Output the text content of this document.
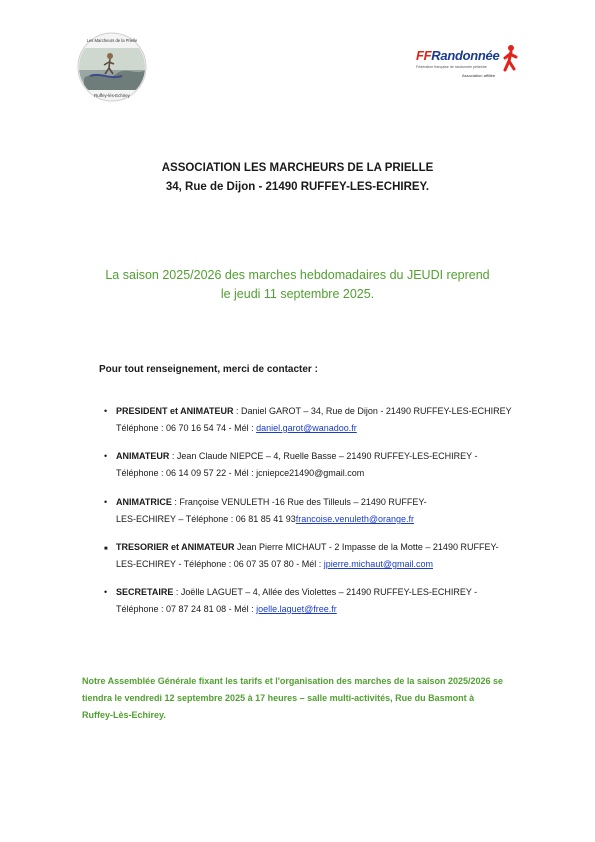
Les Marcheurs de la Prielle
Ruffey-lès-Echirey
FFRandonnée
Fédération française de randonnée pédestre
Association affiliée
ASSOCIATION LES MARCHEURS DE LA PRIELLE
34, Rue de Dijon - 21490 RUFFEY-LES-ECHIREY.
La saison 2025/2026 des marches hebdomadaires du JEUDI reprend
le jeudi 11 septembre 2025.
Pour tout renseignement, merci de contacter :
• PRESIDENT et ANIMATEUR : Daniel GAROT – 34, Rue de Dijon - 21490 RUFFEY-LES-ECHIREY
Téléphone : 06 70 16 54 74 - Mél : daniel.garot@wanadoo.fr
• ANIMATEUR : Jean Claude NIEPCE – 4, Ruelle Basse – 21490 RUFFEY-LES-ECHIREY -
Téléphone : 06 14 09 57 22 - Mél : jcniepce21490@gmail.com
• ANIMATRICE : Françoise VENULETH -16 Rue des Tilleuls – 21490 RUFFEY-
LES-ECHIREY – Téléphone : 06 81 85 41 93francoise.venuleth@orange.fr
■ TRESORIER et ANIMATEUR Jean Pierre MICHAUT - 2 Impasse de la Motte – 21490 RUFFEY-
LES-ECHIREY - Téléphone : 06 07 35 07 80 - Mél : jpierre.michaut@gmail.com
• SECRETAIRE : Joëlle LAGUET – 4, Allée des Violettes – 21490 RUFFEY-LES-ECHIREY -
Téléphone : 07 87 24 81 08 - Mél : joelle.laguet@free.fr
Notre Assemblée Générale fixant les tarifs et l'organisation des marches de la saison 2025/2026 se
tiendra le vendredi 12 septembre 2025 à 17 heures – salle multi-activités, Rue du Basmont à
Ruffey-Lès-Echirey.
